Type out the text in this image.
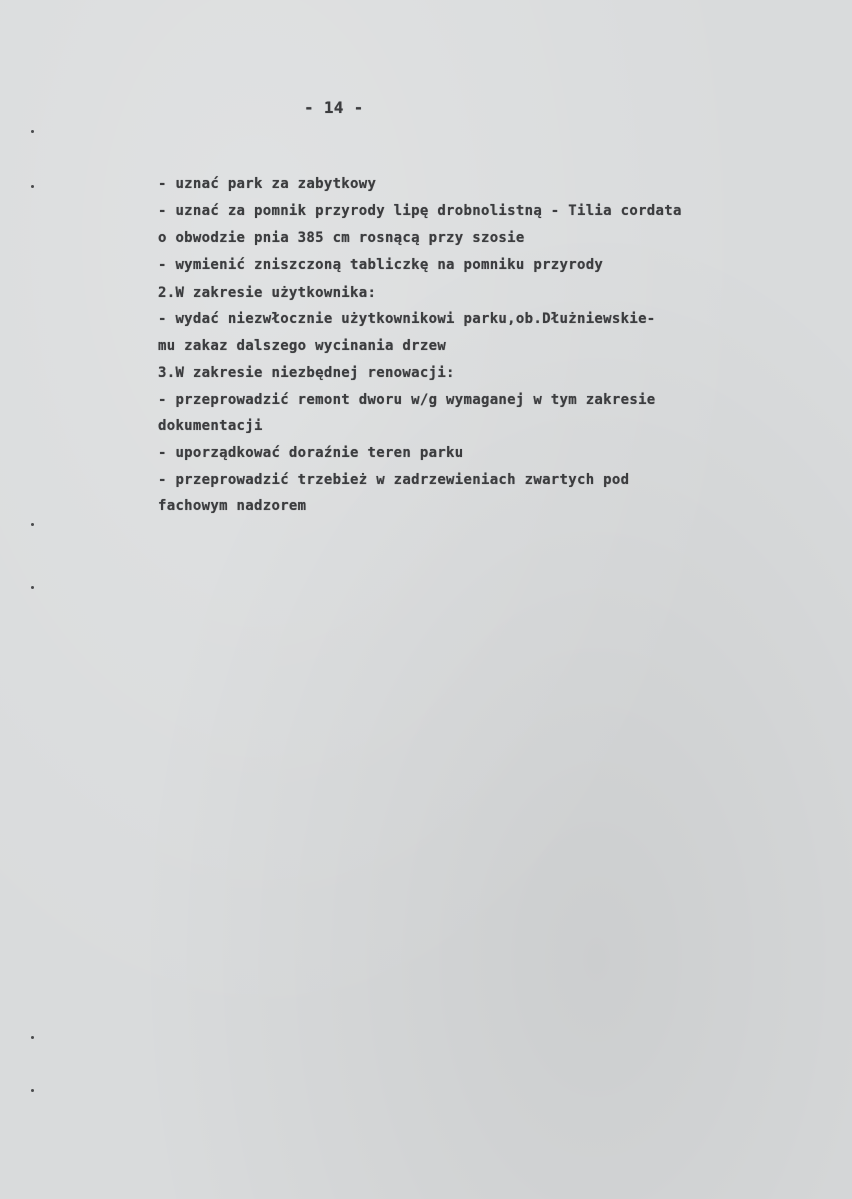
- 14 -
- uznać park za zabytkowy
- uznać za pomnik przyrody lipę drobnolistną - Tilia cordata
o obwodzie pnia 385 cm rosnącą przy szosie
- wymienić zniszczoną tabliczkę na pomniku przyrody
2.W zakresie użytkownika:
- wydać niezwłocznie użytkownikowi parku,ob.Dłużniewskie-
mu zakaz dalszego wycinania drzew
3.W zakresie niezbędnej renowacji:
- przeprowadzić remont dworu w/g wymaganej w tym zakresie
dokumentacji
- uporządkować doraźnie teren parku
- przeprowadzić trzebież w zadrzewieniach zwartych pod
fachowym nadzorem
